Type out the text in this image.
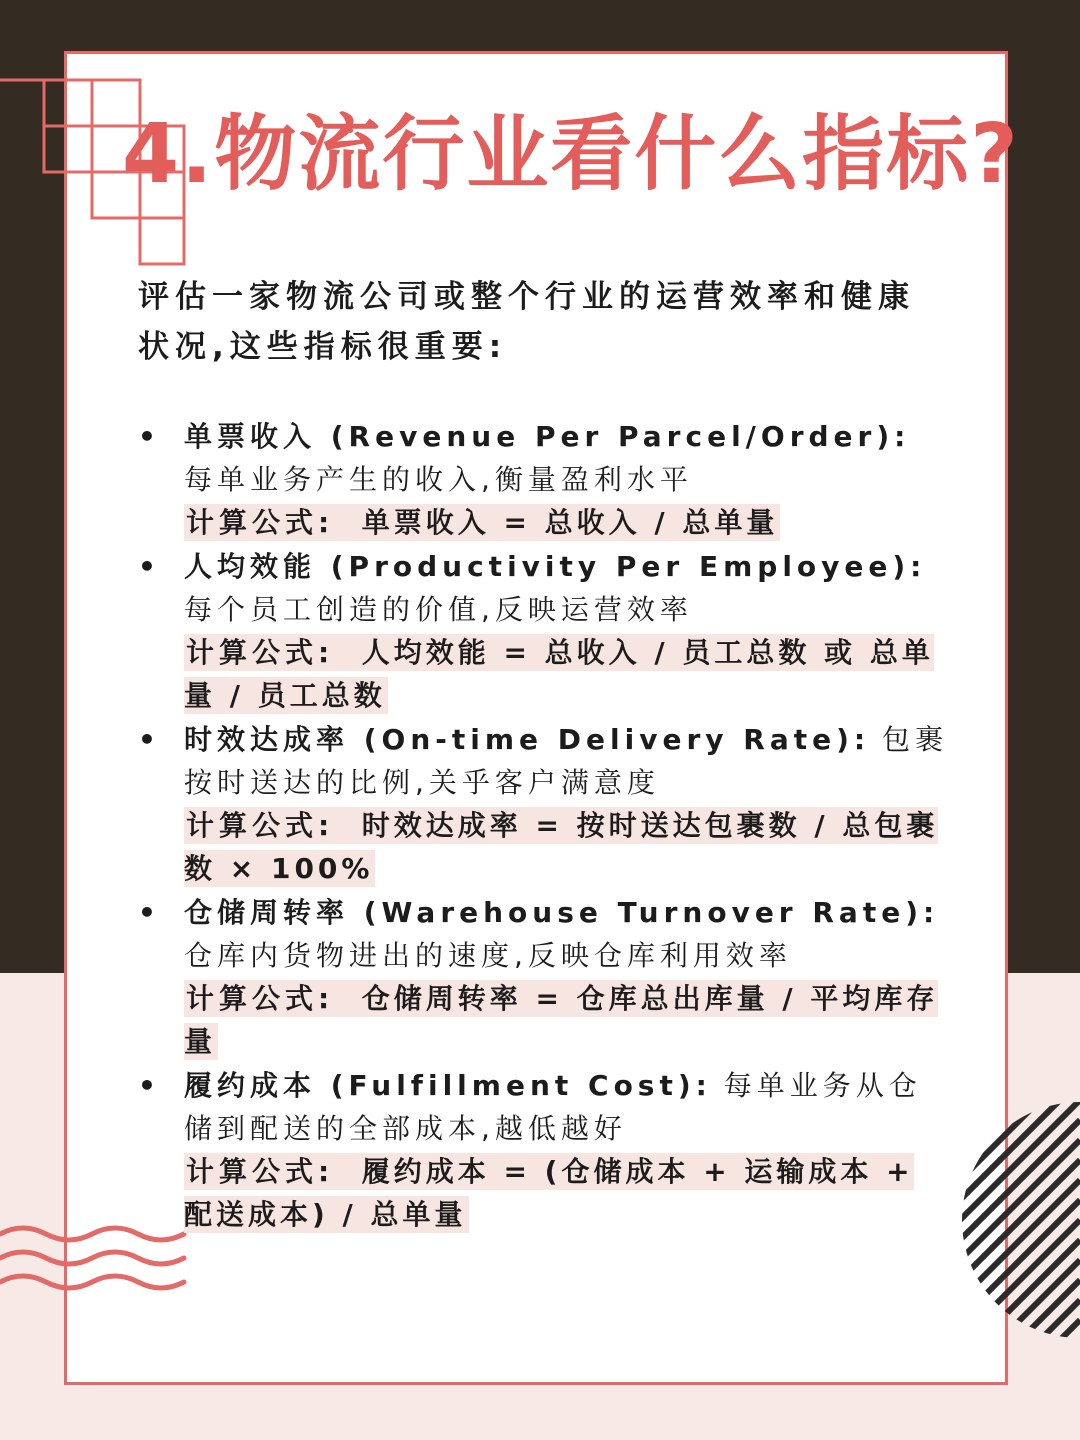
4.物流行业看什么指标?
评估一家物流公司或整个行业的运营效率和健康状况,这些指标很重要:
• 单票收入 (Revenue Per Parcel/Order): 每单业务产生的收入,衡量盈利水平
计算公式: 单票收入 = 总收入 / 总单量
• 人均效能 (Productivity Per Employee): 每个员工创造的价值,反映运营效率
计算公式: 人均效能 = 总收入 / 员工总数 或 总单量 / 员工总数
• 时效达成率 (On-time Delivery Rate): 包裹按时送达的比例,关乎客户满意度
计算公式: 时效达成率 = 按时送达包裹数 / 总包裹数 × 100%
• 仓储周转率 (Warehouse Turnover Rate): 仓库内货物进出的速度,反映仓库利用效率
计算公式: 仓储周转率 = 仓库总出库量 / 平均库存量
• 履约成本 (Fulfillment Cost): 每单业务从仓储到配送的全部成本,越低越好
计算公式: 履约成本 = (仓储成本 + 运输成本 + 配送成本) / 总单量
